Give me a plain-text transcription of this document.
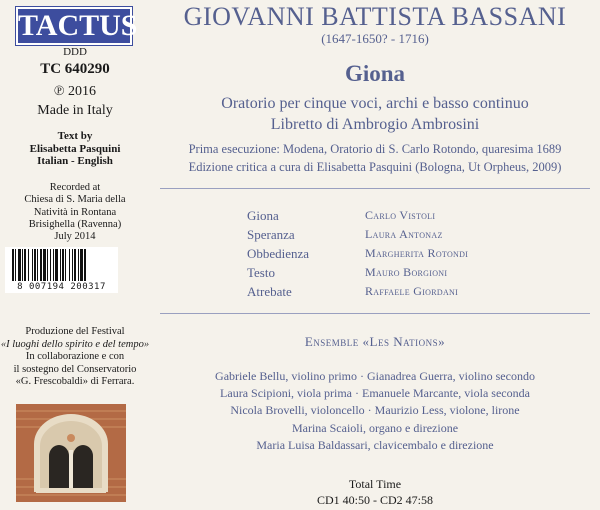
TACTUS
DDD
TC 640290
℗ 2016
Made in Italy
Text by
Elisabetta Pasquini
Italian - English
Recorded at
Chiesa di S. Maria della
Natività in Rontana
Brisighella (Ravenna)
July 2014
8 007194 200317
Produzione del Festival
«I luoghi dello spirito e del tempo»
In collaborazione e con
il sostegno del Conservatorio
«G. Frescobaldi» di Ferrara.
GIOVANNI BATTISTA BASSANI
(1647-1650? - 1716)
Giona
Oratorio per cinque voci, archi e basso continuo
Libretto di Ambrogio Ambrosini
Prima esecuzione: Modena, Oratorio di S. Carlo Rotondo, quaresima 1689
Edizione critica a cura di Elisabetta Pasquini (Bologna, Ut Orpheus, 2009)
Giona	Carlo Vistoli
Speranza	Laura Antonaz
Obbedienza	Margherita Rotondi
Testo	Mauro Borgioni
Atrebate	Raffaele Giordani
Ensemble «Les Nations»
Gabriele Bellu, violino primo · Gianadrea Guerra, violino secondo
Laura Scipioni, viola prima · Emanuele Marcante, viola seconda
Nicola Brovelli, violoncello · Maurizio Less, violone, lirone
Marina Scaioli, organo e direzione
Maria Luisa Baldassari, clavicembalo e direzione
Total Time
CD1 40:50 - CD2 47:58
